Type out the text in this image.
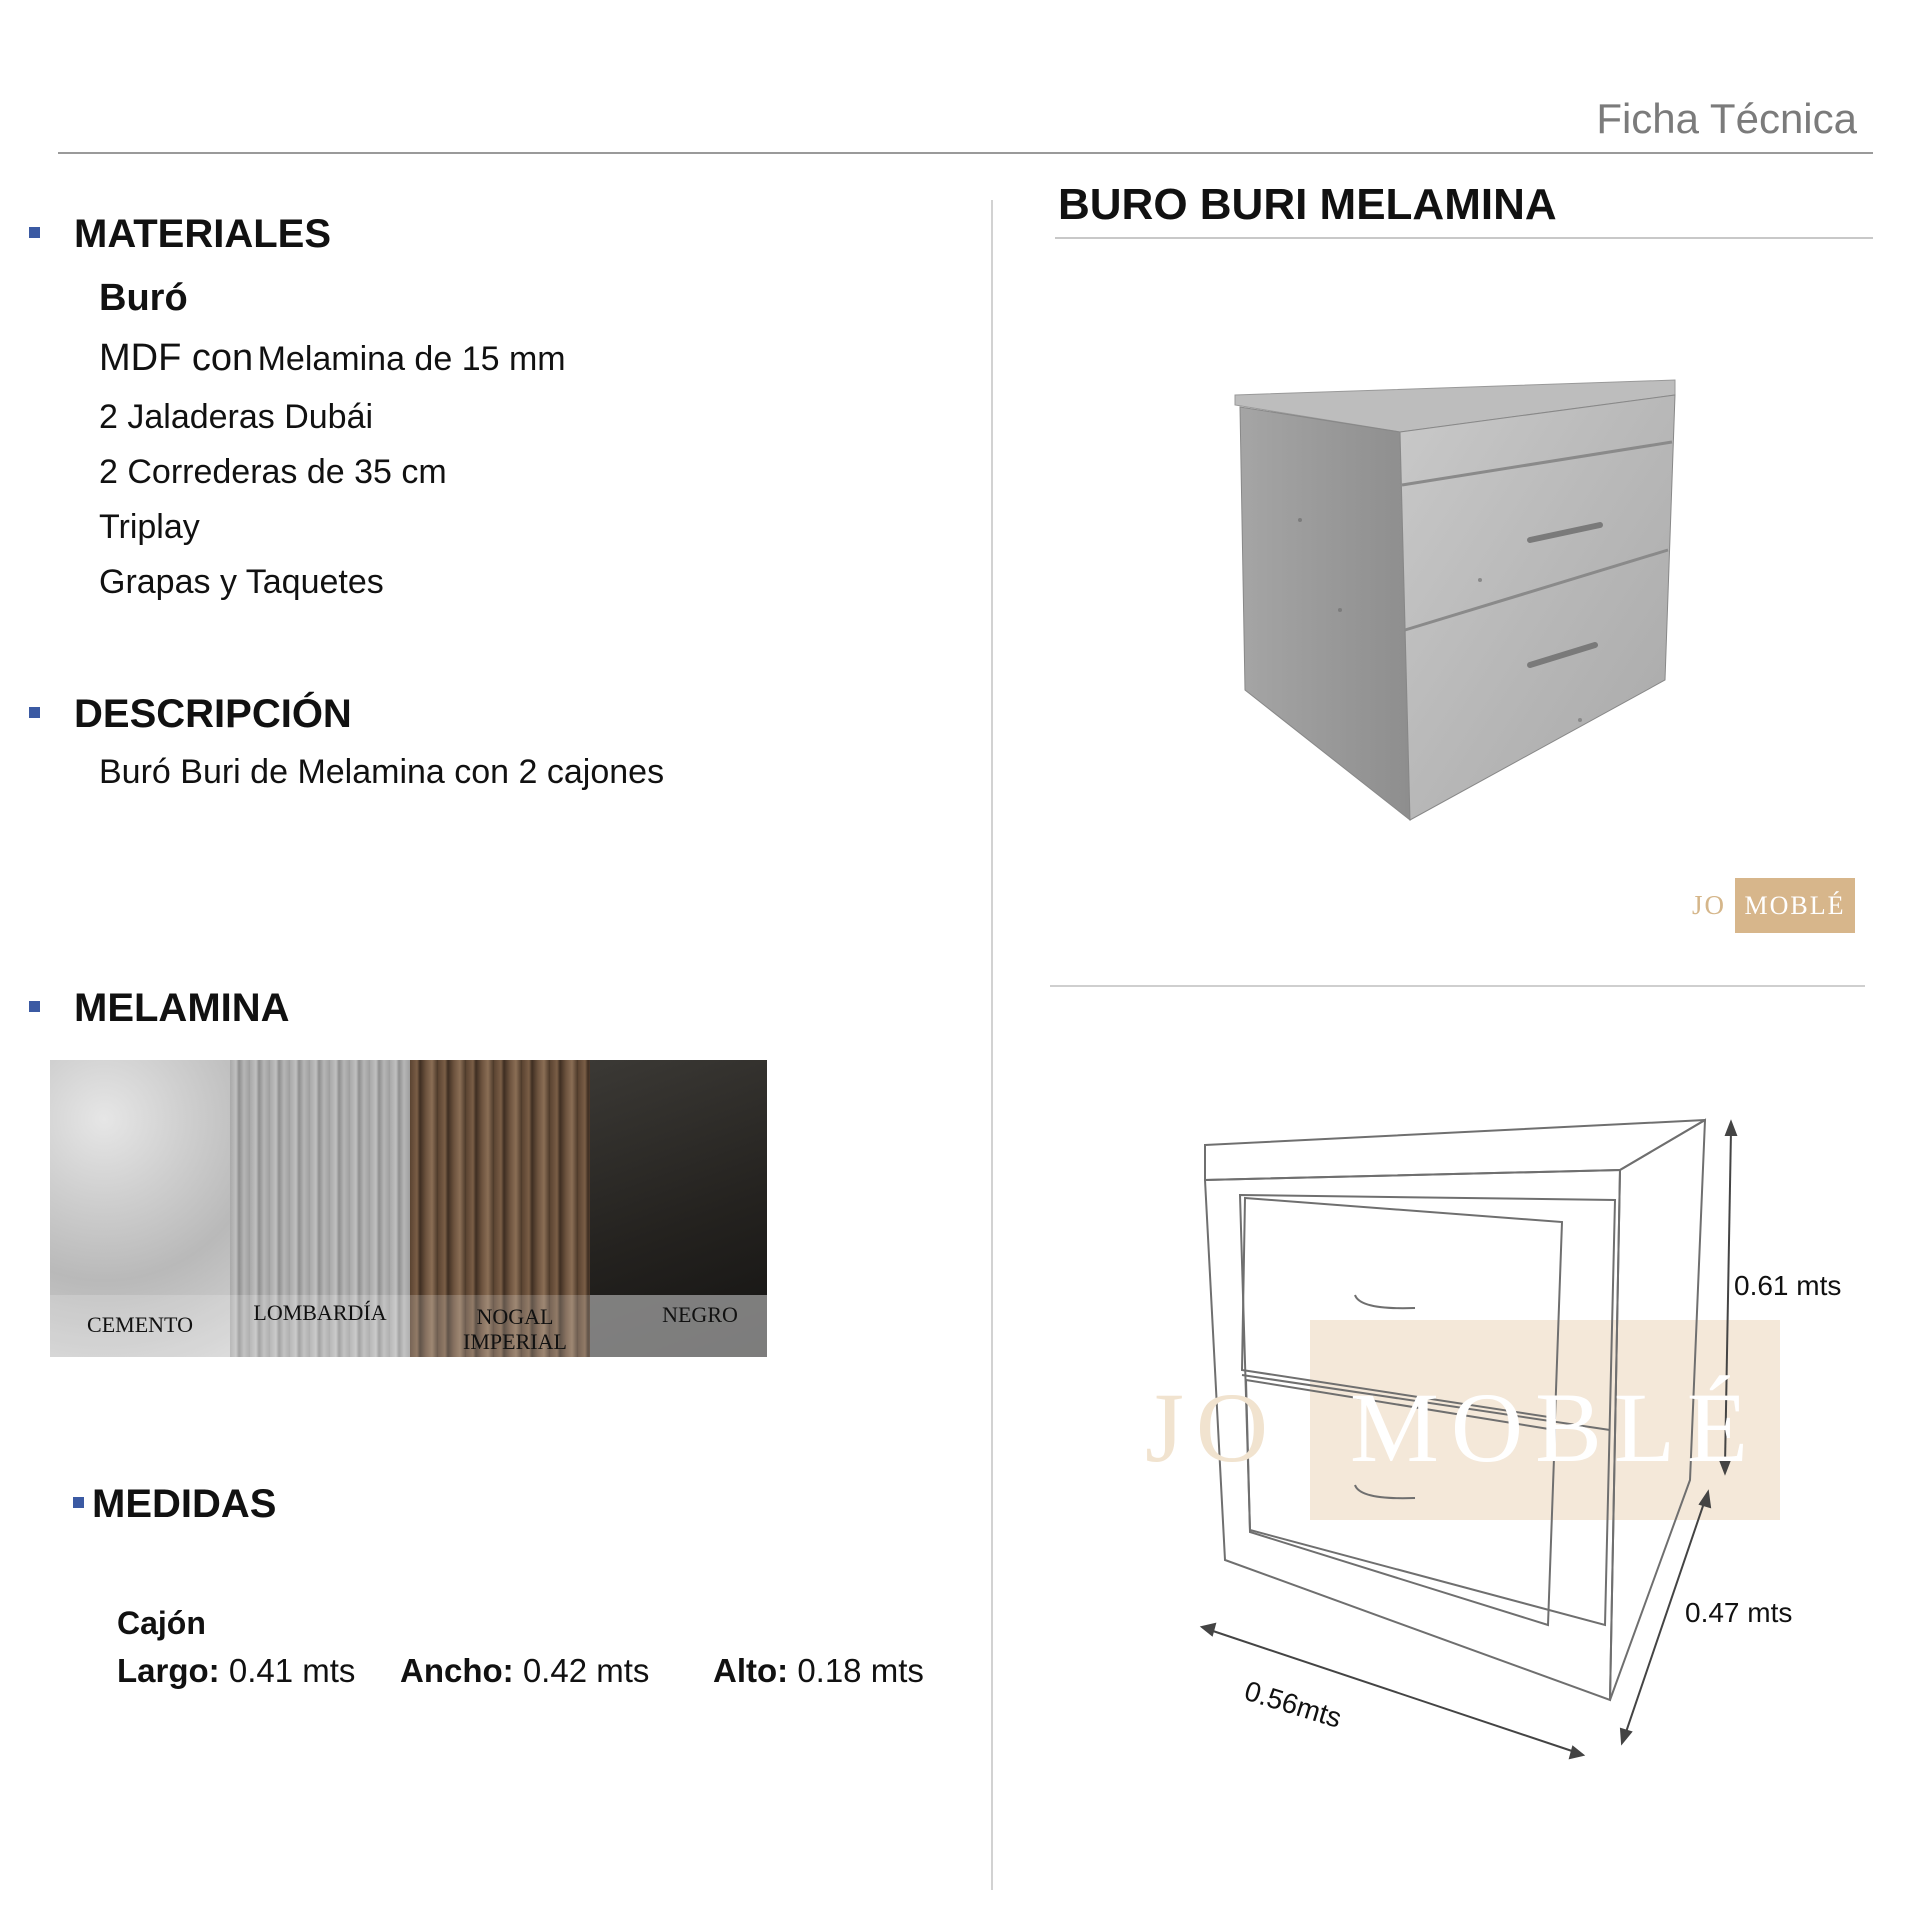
Ficha Técnica
MATERIALES
Buró
MDF con Melamina de 15 mm
2 Jaladeras Dubái
2 Correderas de 35 cm
Triplay
Grapas y Taquetes
DESCRIPCIÓN
Buró Buri de Melamina con 2 cajones
MELAMINA
CEMENTO	LOMBARDÍA	NOGAL
IMPERIAL
NEGRO
MEDIDAS
Cajón
Largo: 0.41 mts Ancho: 0.42 mts Alto: 0.18 mts
BURO BURI MELAMINA
JO MOBLÉ
JO MOBLÉ
0.61 mts
0.47 mts
0.56mts
